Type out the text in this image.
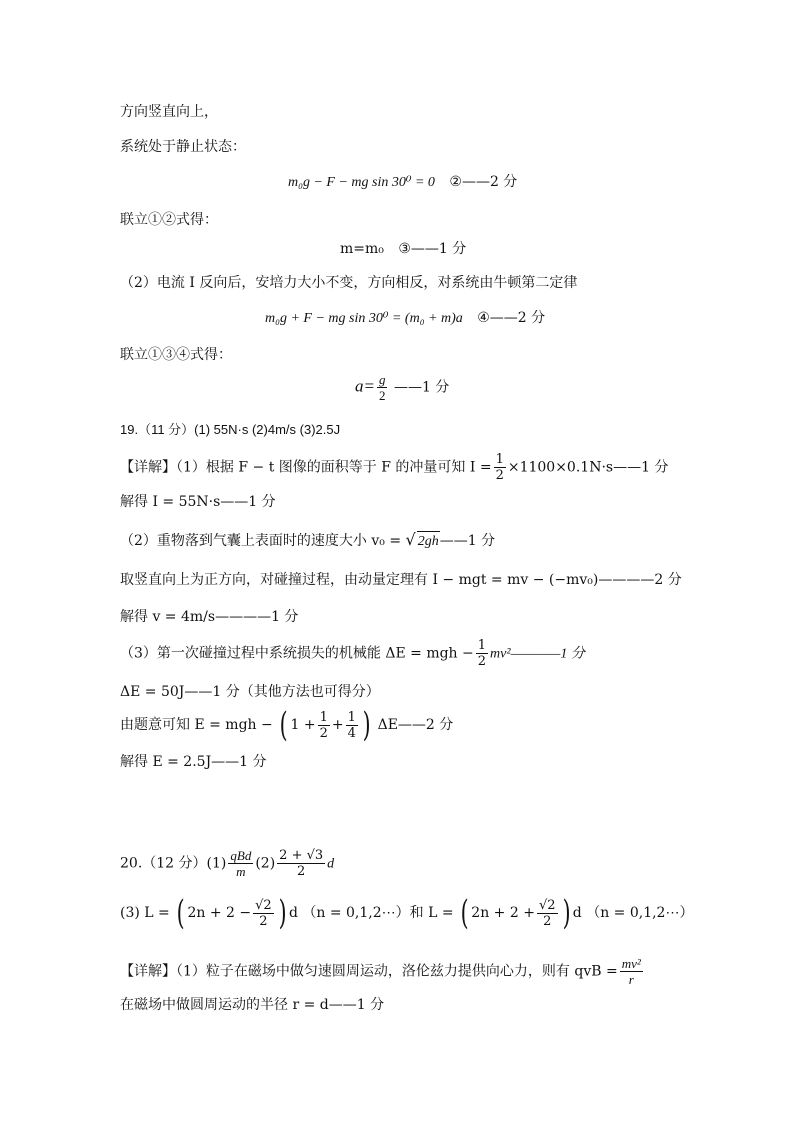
方向竖直向上，
系统处于静止状态：
m₀g − F − mg sin 30⁰ = 0 ②——2 分
联立①②式得：
m=m₀ ③——1 分
（2）电流 I 反向后，安培力大小不变，方向相反，对系统由牛顿第二定律
m₀g + F − mg sin 30⁰ = (m₀ + m)a ④——2 分
联立①③④式得：
$a= \frac{g}{2}$ ——1 分
19.（11 分）(1) 55N·s (2)4m/s (3)2.5J
【详解】（1）根据 F − t 图像的面积等于 F 的冲量可知 $I = \frac{1}{2}$ ×1100×0.1N·s——1 分
解得 I = 55N·s——1 分
（2）重物落到气囊上表面时的速度大小 v₀ = √ 2gh——1 分
取竖直向上为正方向，对碰撞过程，由动量定理有 I − mgt = mv − (−mv₀)————2 分
解得 v = 4m/s————1 分
（3）第一次碰撞过程中系统损失的机械能 ΔE = mgh − $\frac{1}{2}$ mv²————1 分
ΔE = 50J——1 分（其他方法也可得分）
由题意可知 E = mgh − ( $1 + \frac{1}{2} + \frac{1}{4}$ ) ΔE——2 分
解得 E = 2.5J——1 分
20.（12 分）$(1) \frac{\text{qBd}}{m} (2) \frac{2 + √3}{2}$ d
(3) L = ( $2n + 2 - \frac{√2}{2}$ ) d （n = 0,1,2⋯）和 L = ( $2n + 2 + \frac{√2}{2}$ ) d （n = 0,1,2⋯）
【详解】（1）粒子在磁场中做匀速圆周运动，洛伦兹力提供向心力，则有 qvB = $\frac{\text{mv²}}{r}$
在磁场中做圆周运动的半径 r = d——1 分
